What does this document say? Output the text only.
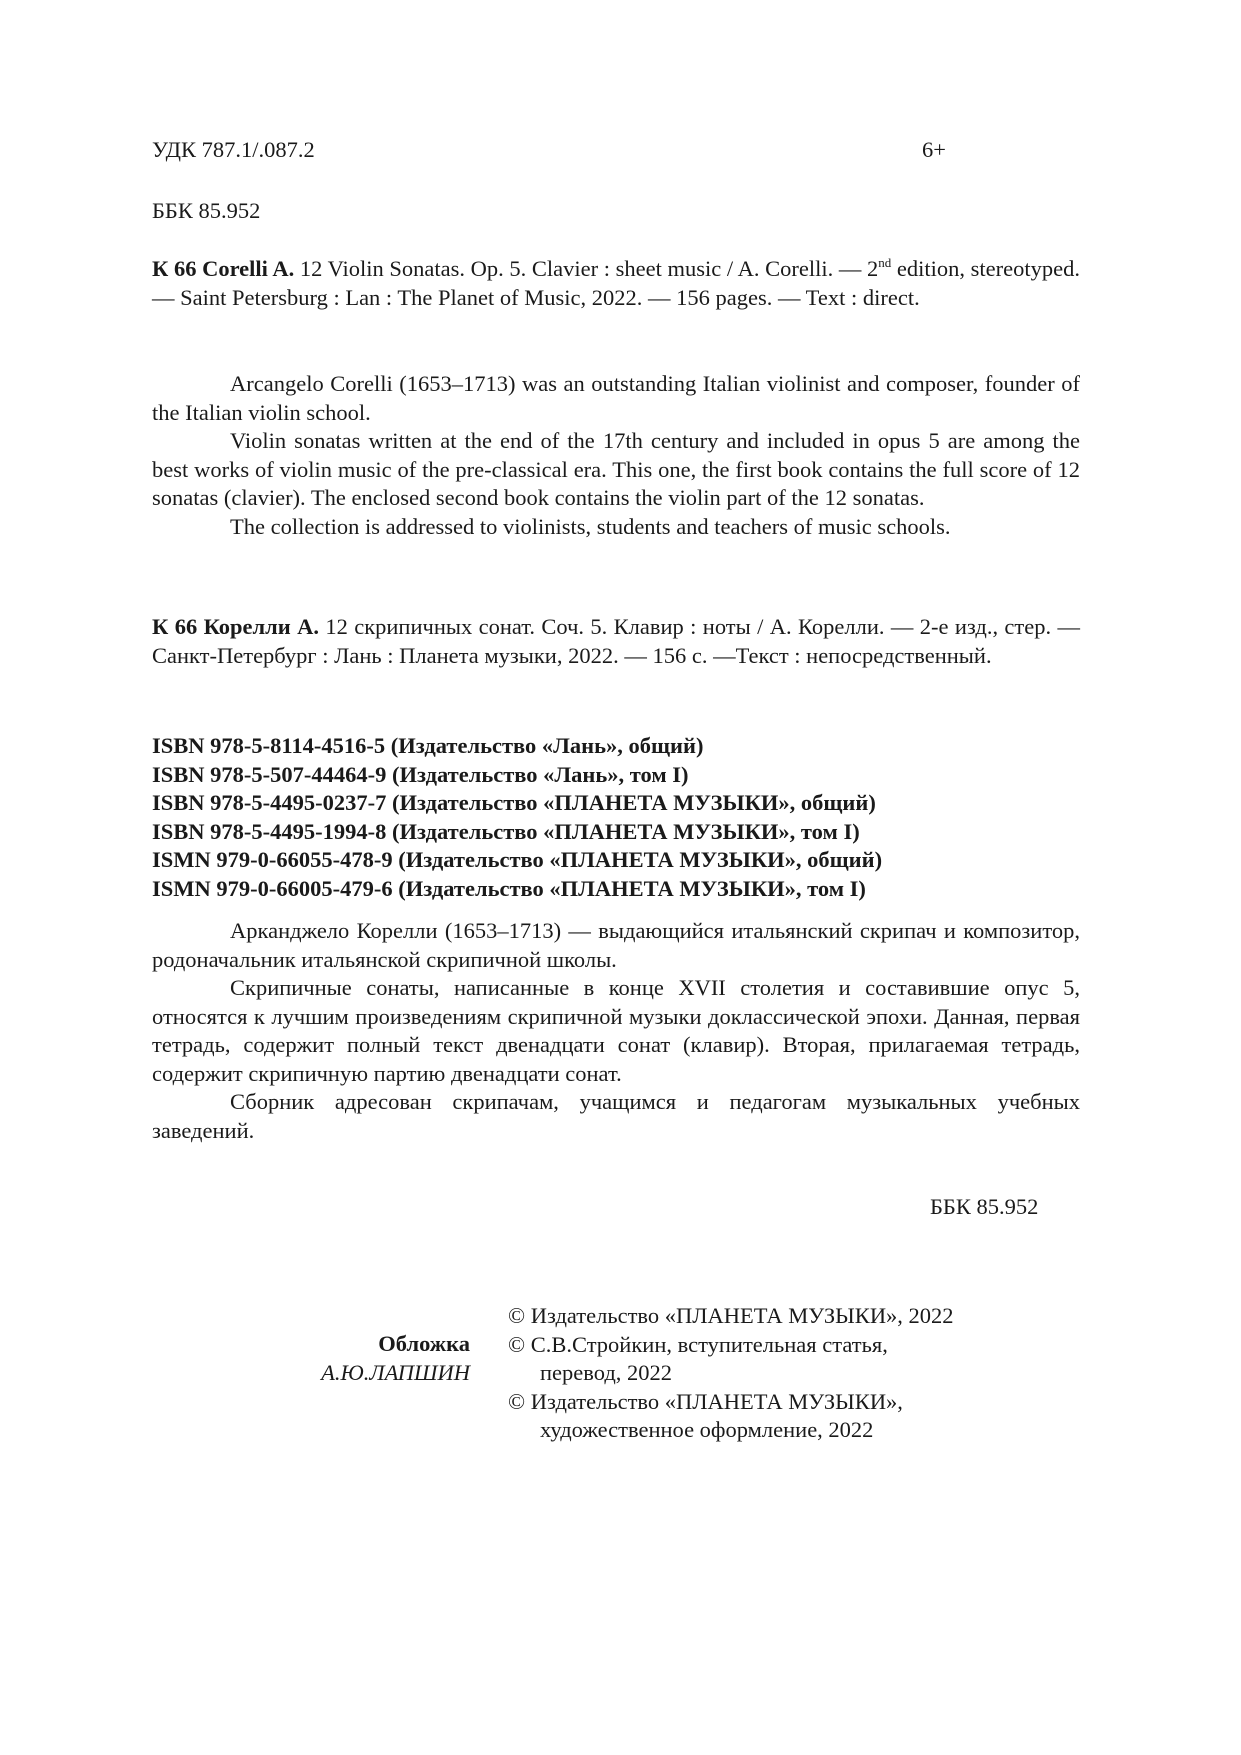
УДК 787.1/.087.2	6+
ББК 85.952

К 66 Corelli A. 12 Violin Sonatas. Op. 5. Clavier : sheet music / A. Corelli. — 2nd edition, stereotyped. — Saint Petersburg : Lan : The Planet of Music, 2022. — 156 pages. — Text : direct.

Arcangelo Corelli (1653–1713) was an outstanding Italian violinist and composer, founder of the Italian violin school.

Violin sonatas written at the end of the 17th century and included in opus 5 are among the best works of violin music of the pre-classical era. This one, the first book contains the full score of 12 sonatas (clavier). The enclosed second book contains the violin part of the 12 sonatas.

The collection is addressed to violinists, students and teachers of music schools.

К 66 Корелли А. 12 скрипичных сонат. Соч. 5. Клавир : ноты / А. Корелли. — 2-е изд., стер. — Санкт-Петербург : Лань : Планета музыки, 2022. — 156 с. —Текст : непосредственный.

ISBN 978-5-8114-4516-5 (Издательство «Лань», общий)
ISBN 978-5-507-44464-9 (Издательство «Лань», том I)
ISBN 978-5-4495-0237-7 (Издательство «ПЛАНЕТА МУЗЫКИ», общий)
ISBN 978-5-4495-1994-8 (Издательство «ПЛАНЕТА МУЗЫКИ», том I)
ISMN 979-0-66055-478-9 (Издательство «ПЛАНЕТА МУЗЫКИ», общий)
ISMN 979-0-66005-479-6 (Издательство «ПЛАНЕТА МУЗЫКИ», том I)

Арканджело Корелли (1653–1713) — выдающийся итальянский скрипач и композитор, родоначальник итальянской скрипичной школы.

Скрипичные сонаты, написанные в конце XVII столетия и составившие опус 5, относятся к лучшим произведениям скрипичной музыки доклассической эпохи. Данная, первая тетрадь, содержит полный текст двенадцати сонат (клавир). Вторая, прилагаемая тетрадь, содержит скрипичную партию двенадцати сонат.

Сборник адресован скрипачам, учащимся и педагогам музыкальных учебных заведений.

ББК 85.952
Обложка
А.Ю.ЛАПШИН
© Издательство «ПЛАНЕТА МУЗЫКИ», 2022
© С.В.Стройкин, вступительная статья,
перевод, 2022
© Издательство «ПЛАНЕТА МУЗЫКИ»,
художественное оформление, 2022
